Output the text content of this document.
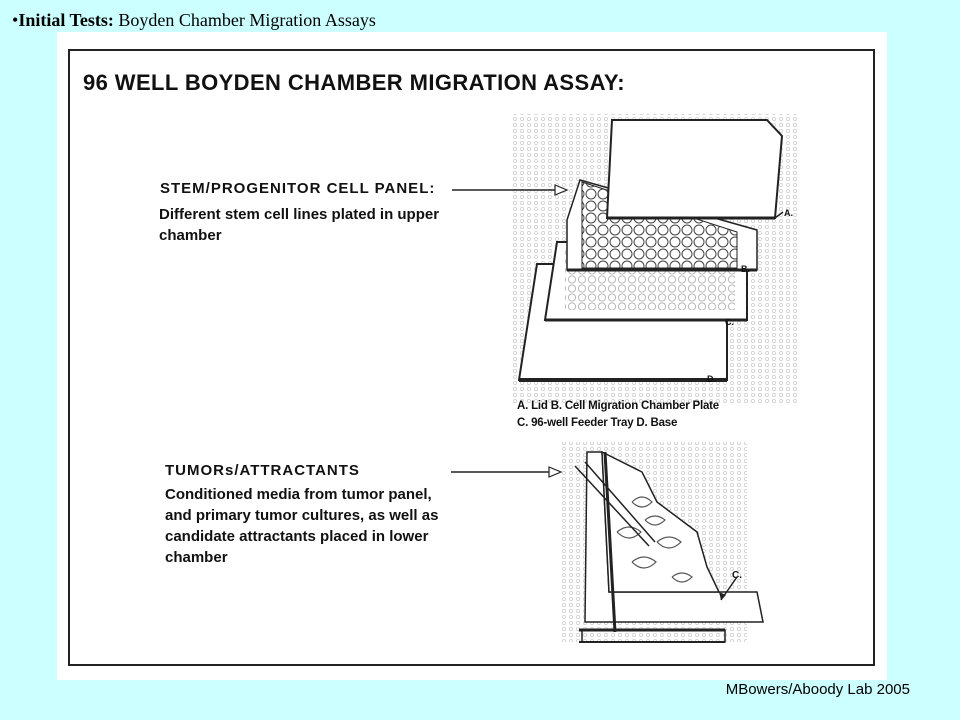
•Initial Tests: Boyden Chamber Migration Assays
96 WELL BOYDEN CHAMBER MIGRATION ASSAY:
STEM/PROGENITOR CELL PANEL:
Different stem cell lines plated in upper
chamber
TUMORs/ATTRACTANTS
Conditioned media from tumor panel,
and primary tumor cultures, as well as
candidate attractants placed in lower
chamber
A.
B.
C.
D.
C.
A. Lid B. Cell Migration Chamber Plate
C. 96-well Feeder Tray D. Base
MBowers/Aboody Lab 2005
